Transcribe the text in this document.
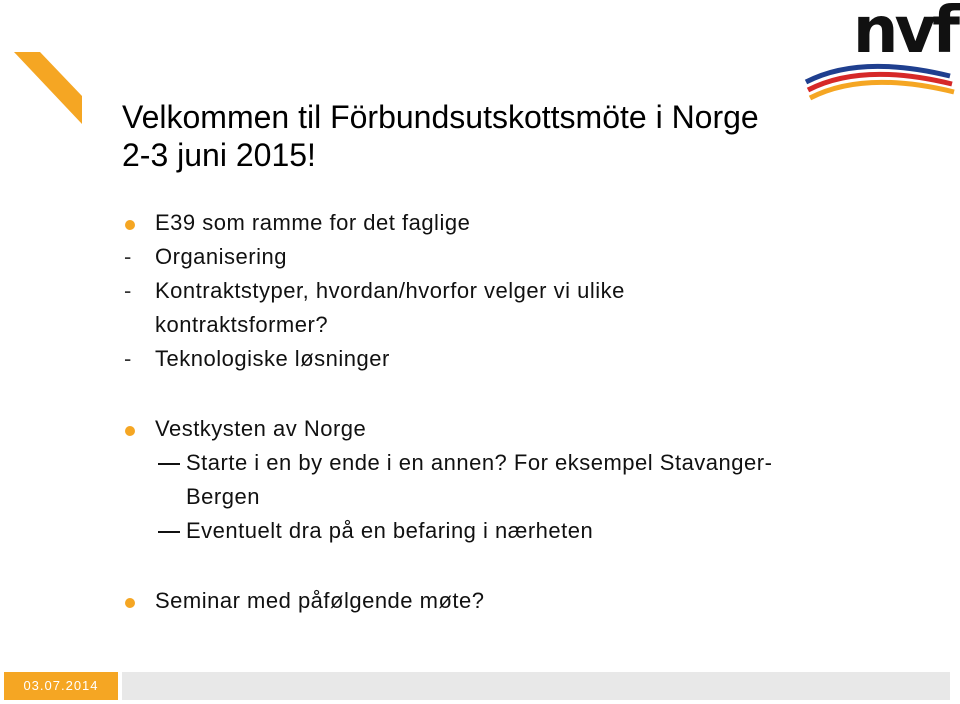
nvf
Velkommen til Förbundsutskottsmöte i Norge
2-3 juni 2015!
E39 som ramme for det faglige
-	Organisering
-	Kontraktstyper, hvordan/hvorfor velger vi ulike
kontraktsformer?
-	Teknologiske løsninger
Vestkysten av Norge
Starte i en by ende i en annen? For eksempel Stavanger-
Bergen
Eventuelt dra på en befaring i nærheten
Seminar med påfølgende møte?
03.07.2014
